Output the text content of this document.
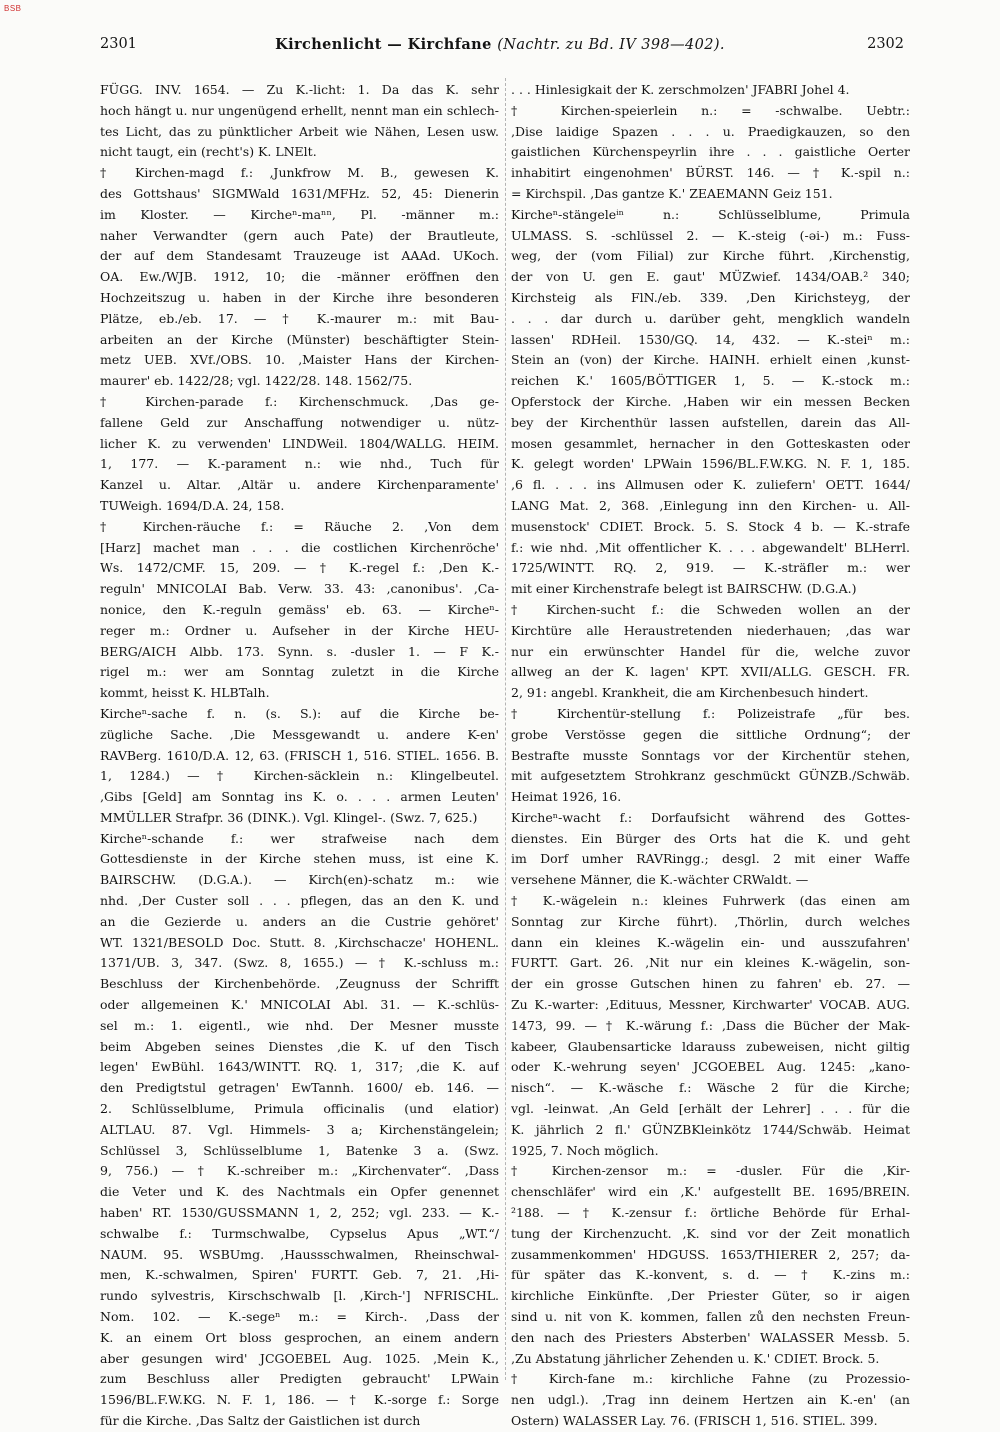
BSB
2301	Kirchenlicht — Kirchfane (Nachtr. zu Bd. IV 398—402).	2302

FÜGG. INV. 1654. — Zu K.-licht: 1. Da das K. sehr

hoch hängt u. nur ungenügend erhellt, nennt man ein schlech-

tes Licht, das zu pünktlicher Arbeit wie Nähen, Lesen usw.

nicht taugt, ein (recht's) K. LNElt.

† Kirchen-magd f.: ‚Junkfrow M. B., gewesen K.

des Gottshaus' SIGMWald 1631/MFHz. 52, 45: Dienerin

im Kloster. — Kircheⁿ-maⁿⁿ, Pl. -männer m.:

naher Verwandter (gern auch Pate) der Brautleute,

der auf dem Standesamt Trauzeuge ist AAAd. UKoch.

OA. Ew./WJB. 1912, 10; die -männer eröffnen den

Hochzeitszug u. haben in der Kirche ihre besonderen

Plätze, eb./eb. 17. — † K.-maurer m.: mit Bau-

arbeiten an der Kirche (Münster) beschäftigter Stein-

metz UEB. XVf./OBS. 10. ‚Maister Hans der Kirchen-

maurer' eb. 1422/28; vgl. 1422/28. 148. 1562/75.

† Kirchen-parade f.: Kirchenschmuck. ‚Das ge-

fallene Geld zur Anschaffung notwendiger u. nütz-

licher K. zu verwenden' LINDWeil. 1804/WALLG. HEIM.

1, 177. — K.-parament n.: wie nhd., Tuch für

Kanzel u. Altar. ‚Altär u. andere Kirchenparamente'

TUWeigh. 1694/D.A. 24, 158.

† Kirchen-räuche f.: = Räuche 2. ‚Von dem

[Harz] machet man . . . die costlichen Kirchenröche'

Ws. 1472/CMF. 15, 209. — † K.-regel f.: ‚Den K.-

reguln' MNICOLAI Bab. Verw. 33. 43: ‚canonibus'. ‚Ca-

nonice, den K.-reguln gemäss' eb. 63. — Kircheⁿ-

reger m.: Ordner u. Aufseher in der Kirche HEU-

BERG/AICH Albb. 173. Synn. s. -dusler 1. — F K.-

rigel m.: wer am Sonntag zuletzt in die Kirche

kommt, heisst K. HLBTalh.

Kircheⁿ-sache f. n. (s. S.): auf die Kirche be-

zügliche Sache. ‚Die Messgewandt u. andere K-en'

RAVBerg. 1610/D.A. 12, 63. (FRISCH 1, 516. STIEL. 1656. B.

1, 1284.) — † Kirchen-säcklein n.: Klingelbeutel.

‚Gibs [Geld] am Sonntag ins K. o. . . . armen Leuten'

MMÜLLER Strafpr. 36 (DINK.). Vgl. Klingel-. (Swz. 7, 625.)

Kircheⁿ-schande f.: wer strafweise nach dem

Gottesdienste in der Kirche stehen muss, ist eine K.

BAIRSCHW. (D.G.A.). — Kirch(en)-schatz m.: wie

nhd. ‚Der Custer soll . . . pflegen, das an den K. und

an die Gezierde u. anders an die Custrie gehöret'

WT. 1321/BESOLD Doc. Stutt. 8. ‚Kirchschacze' HOHENL.

1371/UB. 3, 347. (Swz. 8, 1655.) — † K.-schluss m.:

Beschluss der Kirchenbehörde. ‚Zeugnuss der Schrifft

oder allgemeinen K.' MNICOLAI Abl. 31. — K.-schlüs-

sel m.: 1. eigentl., wie nhd. Der Mesner musste

beim Abgeben seines Dienstes ‚die K. uf den Tisch

legen' EwBühl. 1643/WINTT. RQ. 1, 317; ‚die K. auf

den Predigtstul getragen' EwTannh. 1600/ eb. 146. —

2. Schlüsselblume, Primula officinalis (und elatior)

ALTLAU. 87. Vgl. Himmels- 3 a; Kirchenstängelein;

Schlüssel 3, Schlüsselblume 1, Batenke 3 a. (Swz.

9, 756.) — † K.-schreiber m.: „Kirchenvater“. ‚Dass

die Veter und K. des Nachtmals ein Opfer genennet

haben' RT. 1530/GUSSMANN 1, 2, 252; vgl. 233. — K.-

schwalbe f.: Turmschwalbe, Cypselus Apus „WT.“/

NAUM. 95. WSBUmg. ‚Haussschwalmen, Rheinschwal-

men, K.-schwalmen, Spiren' FURTT. Geb. 7, 21. ‚Hi-

rundo sylvestris, Kirschschwalb [l. ‚Kirch-'] NFRISCHL.

Nom. 102. — K.-segeⁿ m.: = Kirch-. ‚Dass der

K. an einem Ort bloss gesprochen, an einem andern

aber gesungen wird' JCGOEBEL Aug. 1025. ‚Mein K.,

zum Beschluss aller Predigten gebraucht' LPWain

1596/BL.F.W.KG. N. F. 1, 186. — † K.-sorge f.: Sorge

für die Kirche. ‚Das Saltz der Gaistlichen ist durch

. . . Hinlesigkait der K. zerschmolzen' JFABRI Johel 4.

† Kirchen-speierlein n.: = -schwalbe. Uebtr.:

‚Dise laidige Spazen . . . u. Praedigkauzen, so den

gaistlichen Kürchenspeyrlin ihre . . . gaistliche Oerter

inhabitirt eingenohmen' BÜRST. 146. — † K.-spil n.:

= Kirchspil. ‚Das gantze K.' ZEAEMANN Geiz 151.

Kircheⁿ-stängeleⁱⁿ n.: Schlüsselblume, Primula

ULMASS. S. -schlüssel 2. — K.-steig (-əi-) m.: Fuss-

weg, der (vom Filial) zur Kirche führt. ‚Kirchenstig,

der von U. gen E. gaut' MÜZwief. 1434/OAB.² 340;

Kirchsteig als FlN./eb. 339. ‚Den Kirichsteyg, der

. . . dar durch u. darüber geht, mengklich wandeln

lassen' RDHeil. 1530/GQ. 14, 432. — K.-steiⁿ m.:

Stein an (von) der Kirche. HAINH. erhielt einen ‚kunst-

reichen K.' 1605/BÖTTIGER 1, 5. — K.-stock m.:

Opferstock der Kirche. ‚Haben wir ein messen Becken

bey der Kirchenthür lassen aufstellen, darein das All-

mosen gesammlet, hernacher in den Gotteskasten oder

K. gelegt worden' LPWain 1596/BL.F.W.KG. N. F. 1, 185.

‚6 fl. . . . ins Allmusen oder K. zuliefern' OETT. 1644/

LANG Mat. 2, 368. ‚Einlegung inn den Kirchen- u. All-

musenstock' CDIET. Brock. 5. S. Stock 4 b. — K.-strafe

f.: wie nhd. ‚Mit offentlicher K. . . . abgewandelt' BLHerrl.

1725/WINTT. RQ. 2, 919. — K.-sträfler m.: wer

mit einer Kirchenstrafe belegt ist BAIRSCHW. (D.G.A.)

† Kirchen-sucht f.: die Schweden wollen an der

Kirchtüre alle Heraustretenden niederhauen; ‚das war

nur ein erwünschter Handel für die, welche zuvor

allweg an der K. lagen' KPT. XVII/ALLG. GESCH. FR.

2, 91: angebl. Krankheit, die am Kirchenbesuch hindert.

† Kirchentür-stellung f.: Polizeistrafe „für bes.

grobe Verstösse gegen die sittliche Ordnung“; der

Bestrafte musste Sonntags vor der Kirchentür stehen,

mit aufgesetztem Strohkranz geschmückt GÜNZB./Schwäb.

Heimat 1926, 16.

Kircheⁿ-wacht f.: Dorfaufsicht während des Gottes-

dienstes. Ein Bürger des Orts hat die K. und geht

im Dorf umher RAVRingg.; desgl. 2 mit einer Waffe

versehene Männer, die K.-wächter CRWaldt. —

† K.-wägelein n.: kleines Fuhrwerk (das einen am

Sonntag zur Kirche führt). ‚Thörlin, durch welches

dann ein kleines K.-wägelin ein- und ausszufahren'

FURTT. Gart. 26. ‚Nit nur ein kleines K.-wägelin, son-

der ein grosse Gutschen hinen zu fahren' eb. 27. —

Zu K.-warter: ‚Edituus, Messner, Kirchwarter' VOCAB. AUG.

1473, 99. — † K.-wärung f.: ‚Dass die Bücher der Mak-

kabeer, Glaubensarticke ldarauss zubeweisen, nicht giltig

oder K.-wehrung seyen' JCGOEBEL Aug. 1245: „kano-

nisch“. — K.-wäsche f.: Wäsche 2 für die Kirche;

vgl. -leinwat. ‚An Geld [erhält der Lehrer] . . . für die

K. jährlich 2 fl.' GÜNZBKleinkötz 1744/Schwäb. Heimat

1925, 7. Noch möglich.

† Kirchen-zensor m.: = -dusler. Für die ‚Kir-

chenschläfer' wird ein ‚K.' aufgestellt BE. 1695/BREIN.

²188. — † K.-zensur f.: örtliche Behörde für Erhal-

tung der Kirchenzucht. ‚K. sind vor der Zeit monatlich

zusammenkommen' HDGUSS. 1653/THIERER 2, 257; da-

für später das K.-konvent, s. d. — † K.-zins m.:

kirchliche Einkünfte. ‚Der Priester Güter, so ir aigen

sind u. nit von K. kommen, fallen zů den nechsten Freun-

den nach des Priesters Absterben' WALASSER Messb. 5.

‚Zu Abstatung jährlicher Zehenden u. K.' CDIET. Brock. 5.

† Kirch-fane m.: kirchliche Fahne (zu Prozessio-

nen udgl.). ‚Trag inn deinem Hertzen ain K.-en' (an

Ostern) WALASSER Lay. 76. (FRISCH 1, 516. STIEL. 399.
